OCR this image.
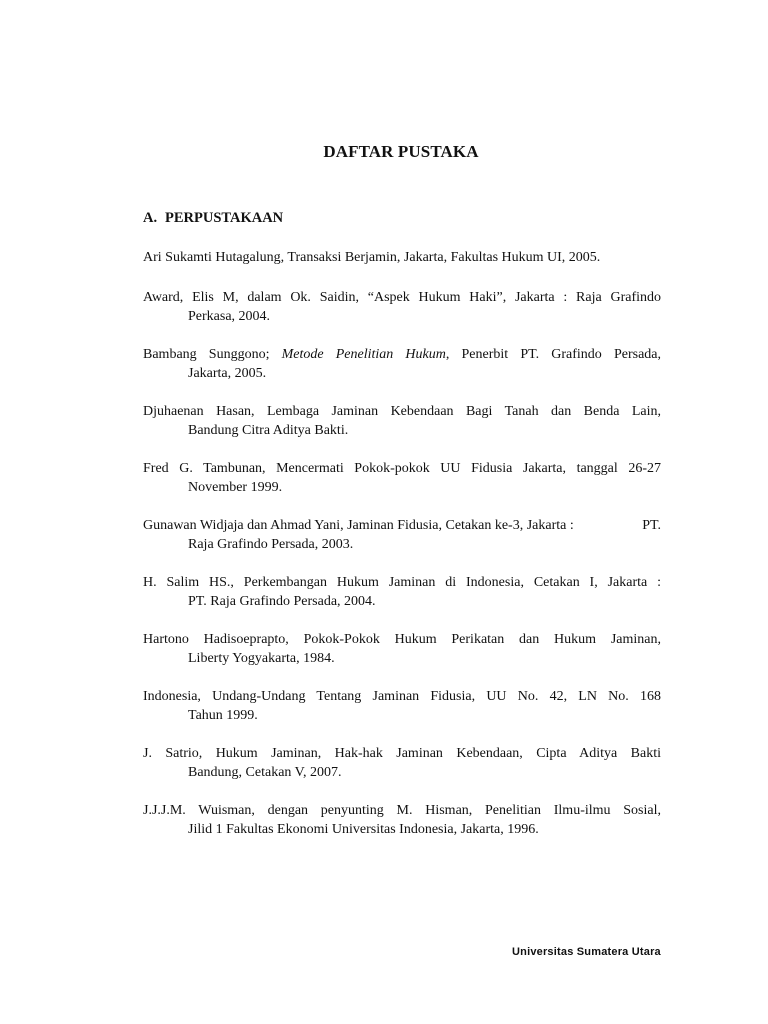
DAFTAR PUSTAKA
A. PERPUSTAKAAN

Ari Sukamti Hutagalung, Transaksi Berjamin, Jakarta, Fakultas Hukum UI, 2005.

Award, Elis M, dalam Ok. Saidin, “Aspek Hukum Haki”, Jakarta : Raja Grafindo
Perkasa, 2004.

Bambang Sunggono; Metode Penelitian Hukum, Penerbit PT. Grafindo Persada,
Jakarta, 2005.

Djuhaenan Hasan, Lembaga Jaminan Kebendaan Bagi Tanah dan Benda Lain,
Bandung Citra Aditya Bakti.

Fred G. Tambunan, Mencermati Pokok-pokok UU Fidusia Jakarta, tanggal 26-27
November 1999.

Gunawan Widjaja dan Ahmad Yani, Jaminan Fidusia, Cetakan ke-3, Jakarta :	PT.
Raja Grafindo Persada, 2003.

H. Salim HS., Perkembangan Hukum Jaminan di Indonesia, Cetakan I, Jakarta :
PT. Raja Grafindo Persada, 2004.

Hartono Hadisoeprapto, Pokok-Pokok Hukum Perikatan dan Hukum Jaminan,
Liberty Yogyakarta, 1984.

Indonesia, Undang-Undang Tentang Jaminan Fidusia, UU No. 42, LN No. 168
Tahun 1999.

J. Satrio, Hukum Jaminan, Hak-hak Jaminan Kebendaan, Cipta Aditya Bakti
Bandung, Cetakan V, 2007.

J.J.J.M. Wuisman, dengan penyunting M. Hisman, Penelitian Ilmu-ilmu Sosial,
Jilid 1 Fakultas Ekonomi Universitas Indonesia, Jakarta, 1996.

Universitas Sumatera Utara
